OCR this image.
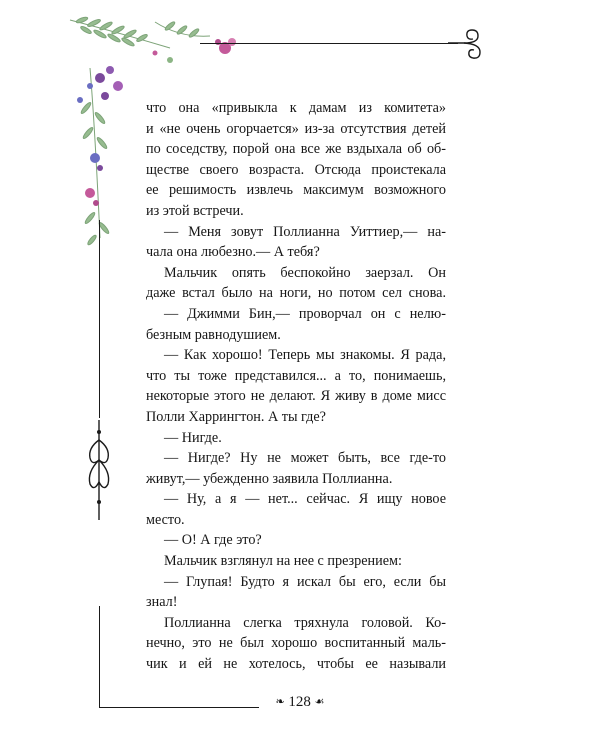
что она «привыкла к дамам из комитета»
и «не очень огорчается» из-за отсутствия детей
по соседству, порой она все же вздыхала об об-
ществе своего возраста. Отсюда проистекала
ее решимость извлечь максимум возможного
из этой встречи.
— Меня зовут Поллианна Уиттиер,— на-
чала она любезно.— А тебя?
Мальчик опять беспокойно заерзал. Он
даже встал было на ноги, но потом сел снова.
— Джимми Бин,— проворчал он с нелю-
безным равнодушием.
— Как хорошо! Теперь мы знакомы. Я рада,
что ты тоже представился... а то, понимаешь,
некоторые этого не делают. Я живу в доме мисс
Полли Харрингтон. А ты где?
— Нигде.
— Нигде? Ну не может быть, все где-то
живут,— убежденно заявила Поллианна.
— Ну, а я — нет... сейчас. Я ищу новое
место.
— О! А где это?
Мальчик взглянул на нее с презрением:
— Глупая! Будто я искал бы его, если бы
знал!
Поллианна слегка тряхнула головой. Ко-
нечно, это не был хорошо воспитанный маль-
чик и ей не хотелось, чтобы ее называли
❧ 128 ☙
